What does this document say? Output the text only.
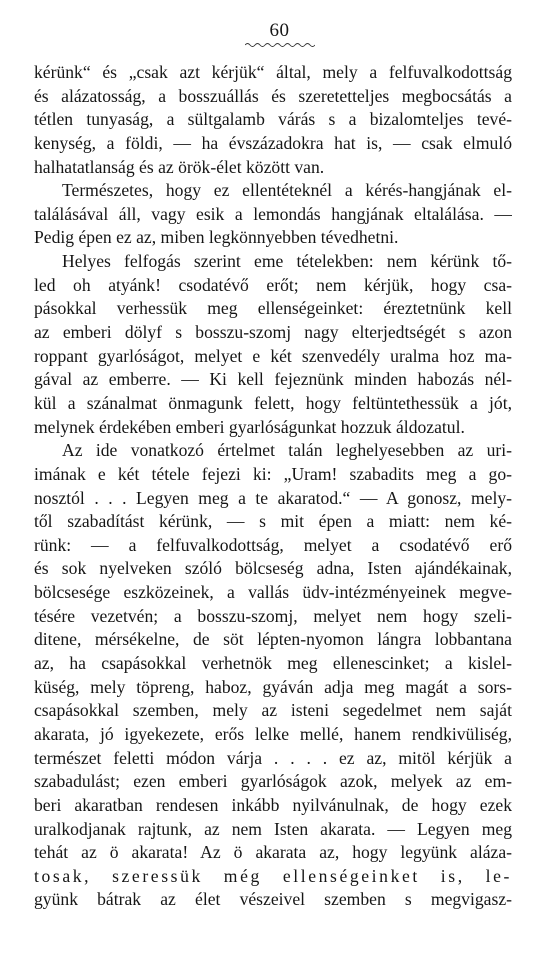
60
kérünk“ és „csak azt kérjük“ által, mely a felfuvalkodottság
és alázatosság, a bosszuállás és szeretetteljes megbocsátás a
tétlen tunyaság, a sültgalamb várás s a bizalomteljes tevé-
kenység, a földi, — ha évszázadokra hat is, — csak elmuló
halhatatlanság és az örök-élet között van.
Természetes, hogy ez ellentéteknél a kérés-hangjának el-
találásával áll, vagy esik a lemondás hangjának eltalálása. —
Pedig épen ez az, miben legkönnyebben tévedhetni.
Helyes felfogás szerint eme tételekben: nem kérünk tő-
led oh atyánk! csodatévő erőt; nem kérjük, hogy csa-
pásokkal verhessük meg ellenségeinket: éreztetnünk kell
az emberi dölyf s bosszu-szomj nagy elterjedtségét s azon
roppant gyarlóságot, melyet e két szenvedély uralma hoz ma-
gával az emberre. — Ki kell fejeznünk minden habozás nél-
kül a szánalmat önmagunk felett, hogy feltüntethessük a jót,
melynek érdekében emberi gyarlóságunkat hozzuk áldozatul.
Az ide vonatkozó értelmet talán leghelyesebben az uri-
imának e két tétele fejezi ki: „Uram! szabadits meg a go-
nosztól . . . Legyen meg a te akaratod.“ — A gonosz, mely-
től szabadítást kérünk, — s mit épen a miatt: nem ké-
rünk: — a felfuvalkodottság, melyet a csodatévő erő
és sok nyelveken szóló bölcseség adna, Isten ajándékainak,
bölcsesége eszközeinek, a vallás üdv-intézményeinek megve-
tésére vezetvén; a bosszu-szomj, melyet nem hogy szeli-
ditene, mérsékelne, de söt lépten-nyomon lángra lobbantana
az, ha csapásokkal verhetnök meg ellenescinket; a kislel-
küség, mely töpreng, haboz, gyáván adja meg magát a sors-
csapásokkal szemben, mely az isteni segedelmet nem saját
akarata, jó igyekezete, erős lelke mellé, hanem rendkivüliség,
természet feletti módon várja . . . . ez az, mitöl kérjük a
szabadulást; ezen emberi gyarlóságok azok, melyek az em-
beri akaratban rendesen inkább nyilvánulnak, de hogy ezek
uralkodjanak rajtunk, az nem Isten akarata. — Legyen meg
tehát az ö akarata! Az ö akarata az, hogy legyünk aláza-
tosak, szeressük még ellenségeinket is, le-
gyünk bátrak az élet vészeivel szemben s megvigasz-
